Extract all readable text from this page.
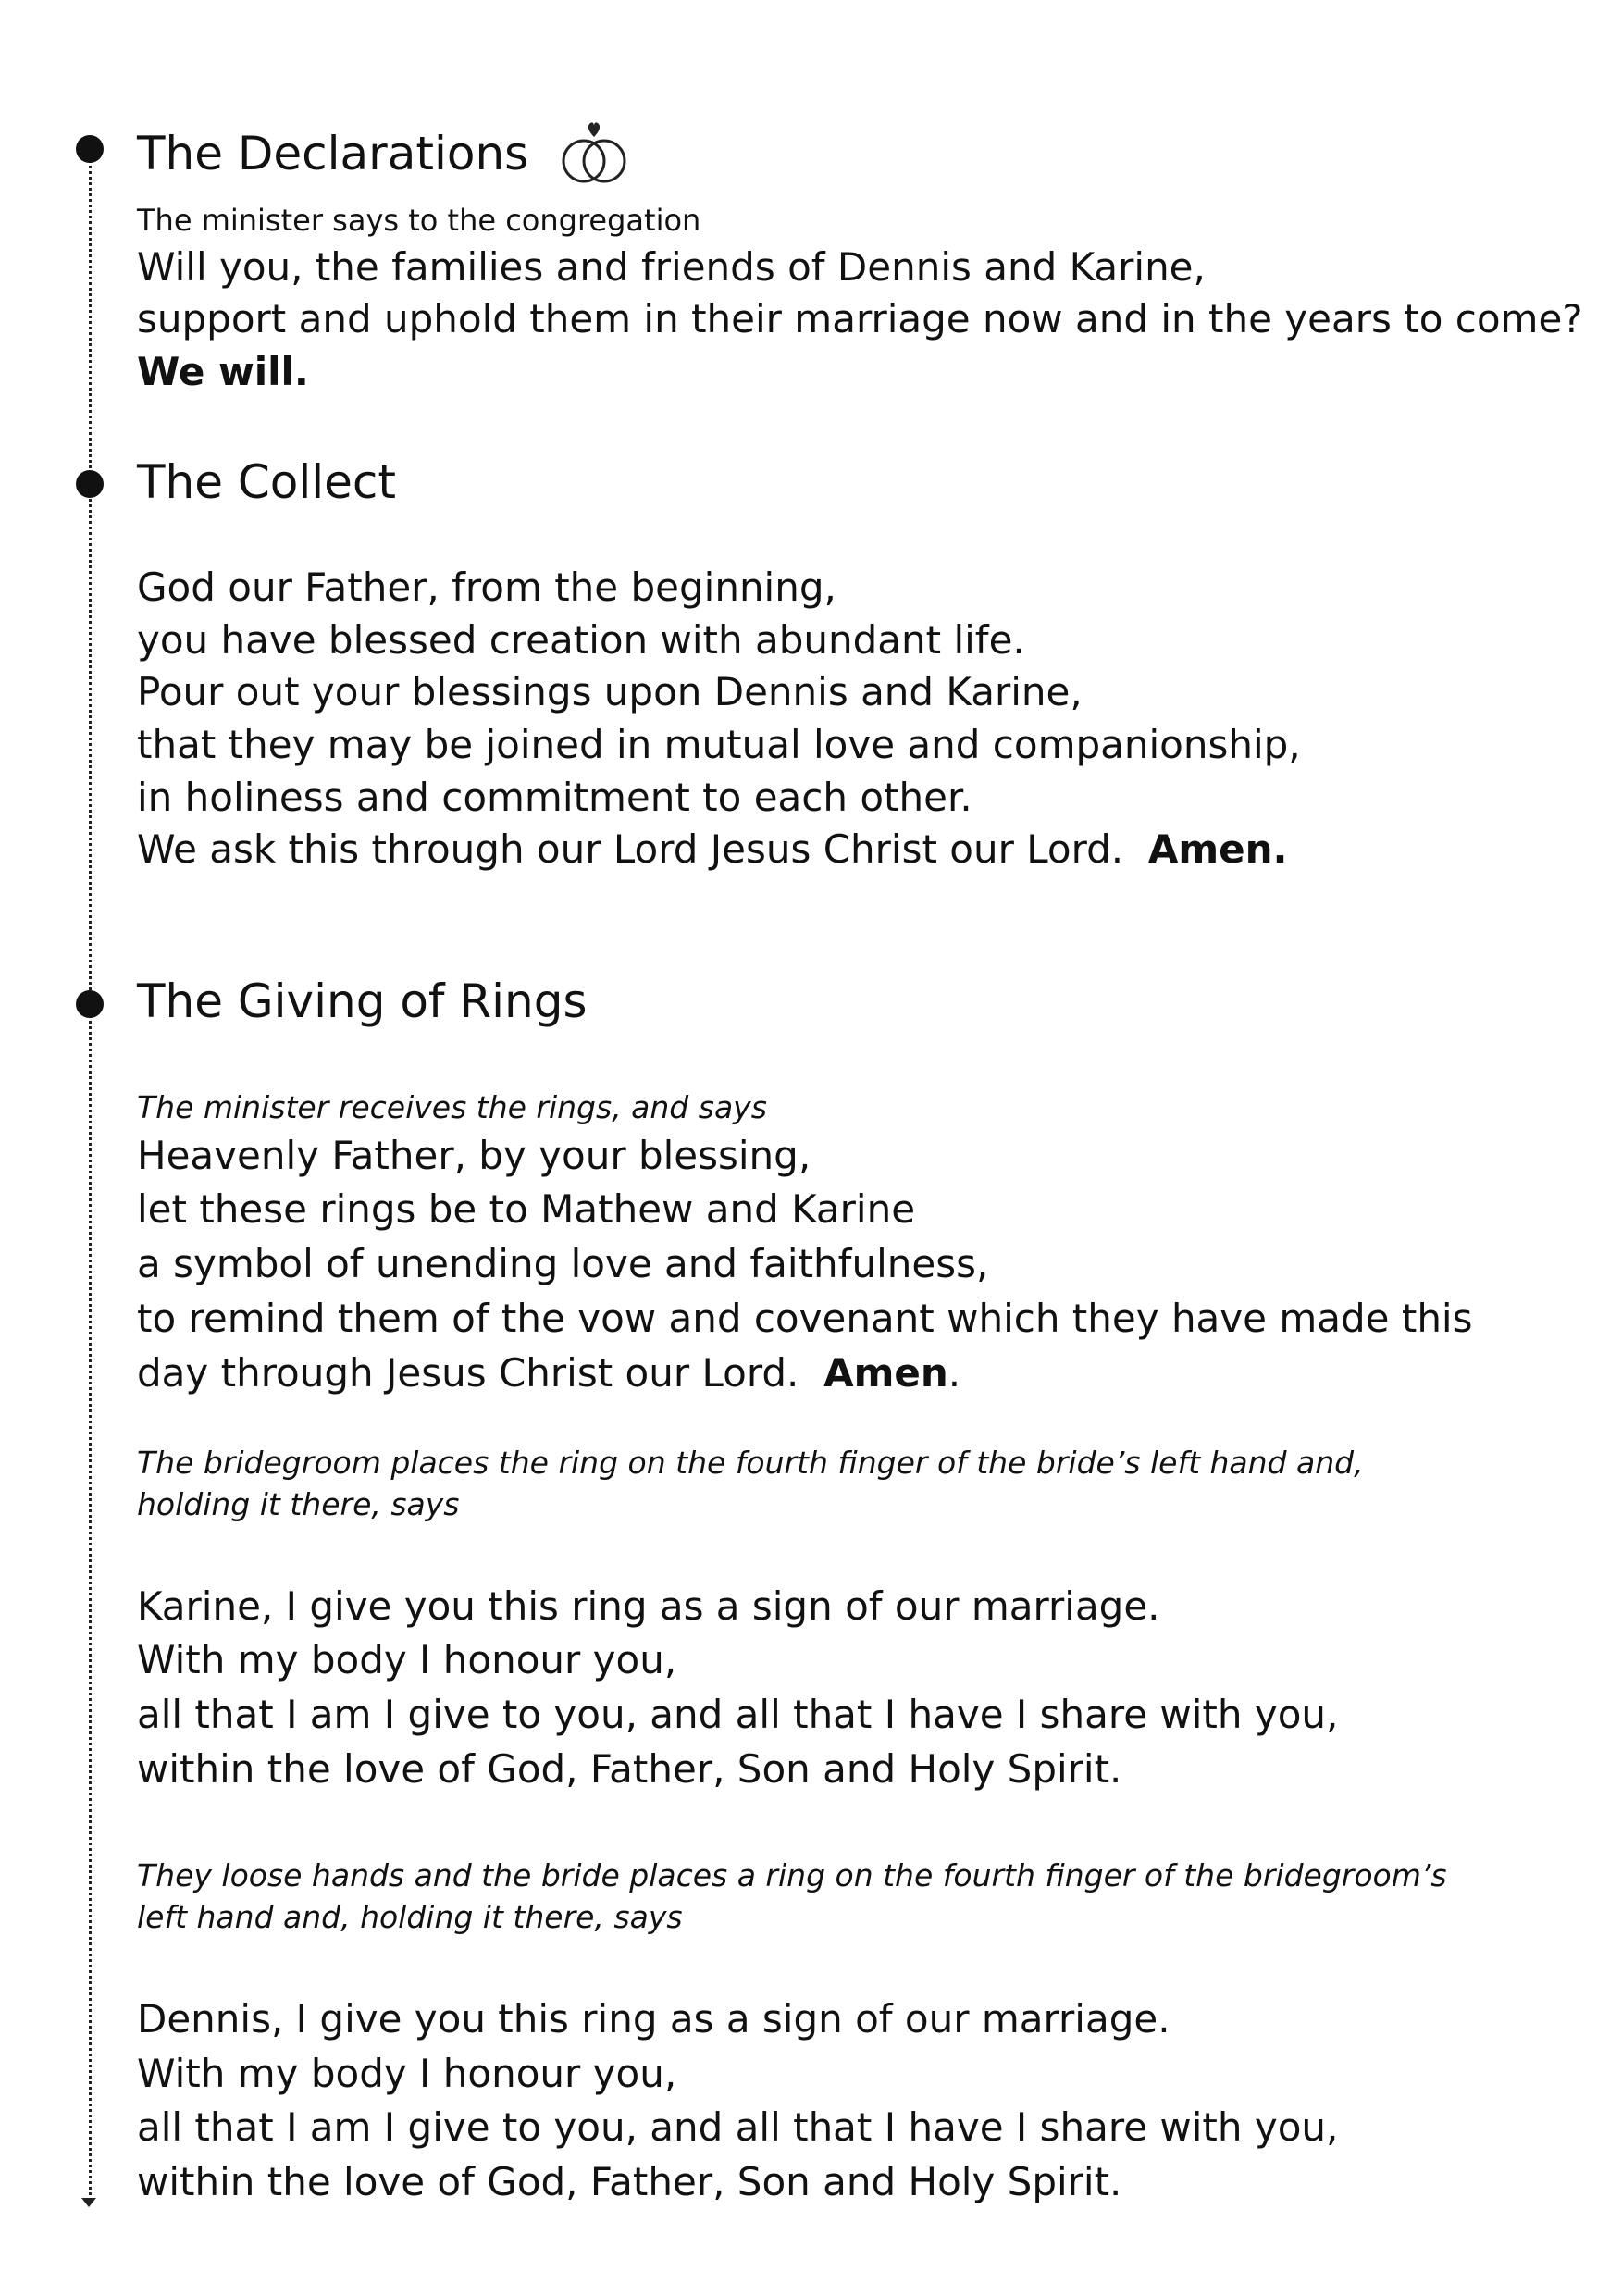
The Declarations

The minister says to the congregation

Will you, the families and friends of Dennis and Karine,
support and uphold them in their marriage now and in the years to come?
We will.

The Collect

God our Father, from the beginning,
you have blessed creation with abundant life.
Pour out your blessings upon Dennis and Karine,
that they may be joined in mutual love and companionship,
in holiness and commitment to each other.
We ask this through our Lord Jesus Christ our Lord. Amen.

The Giving of Rings

The minister receives the rings, and says

Heavenly Father, by your blessing,
let these rings be to Mathew and Karine
a symbol of unending love and faithfulness,
to remind them of the vow and covenant which they have made this
day through Jesus Christ our Lord. Amen.

The bridegroom places the ring on the fourth finger of the bride’s left hand and, holding it there, says

Karine, I give you this ring as a sign of our marriage.
With my body I honour you,
all that I am I give to you, and all that I have I share with you,
within the love of God, Father, Son and Holy Spirit.

They loose hands and the bride places a ring on the fourth finger of the bridegroom’s left hand and, holding it there, says

Dennis, I give you this ring as a sign of our marriage.
With my body I honour you,
all that I am I give to you, and all that I have I share with you,
within the love of God, Father, Son and Holy Spirit.
